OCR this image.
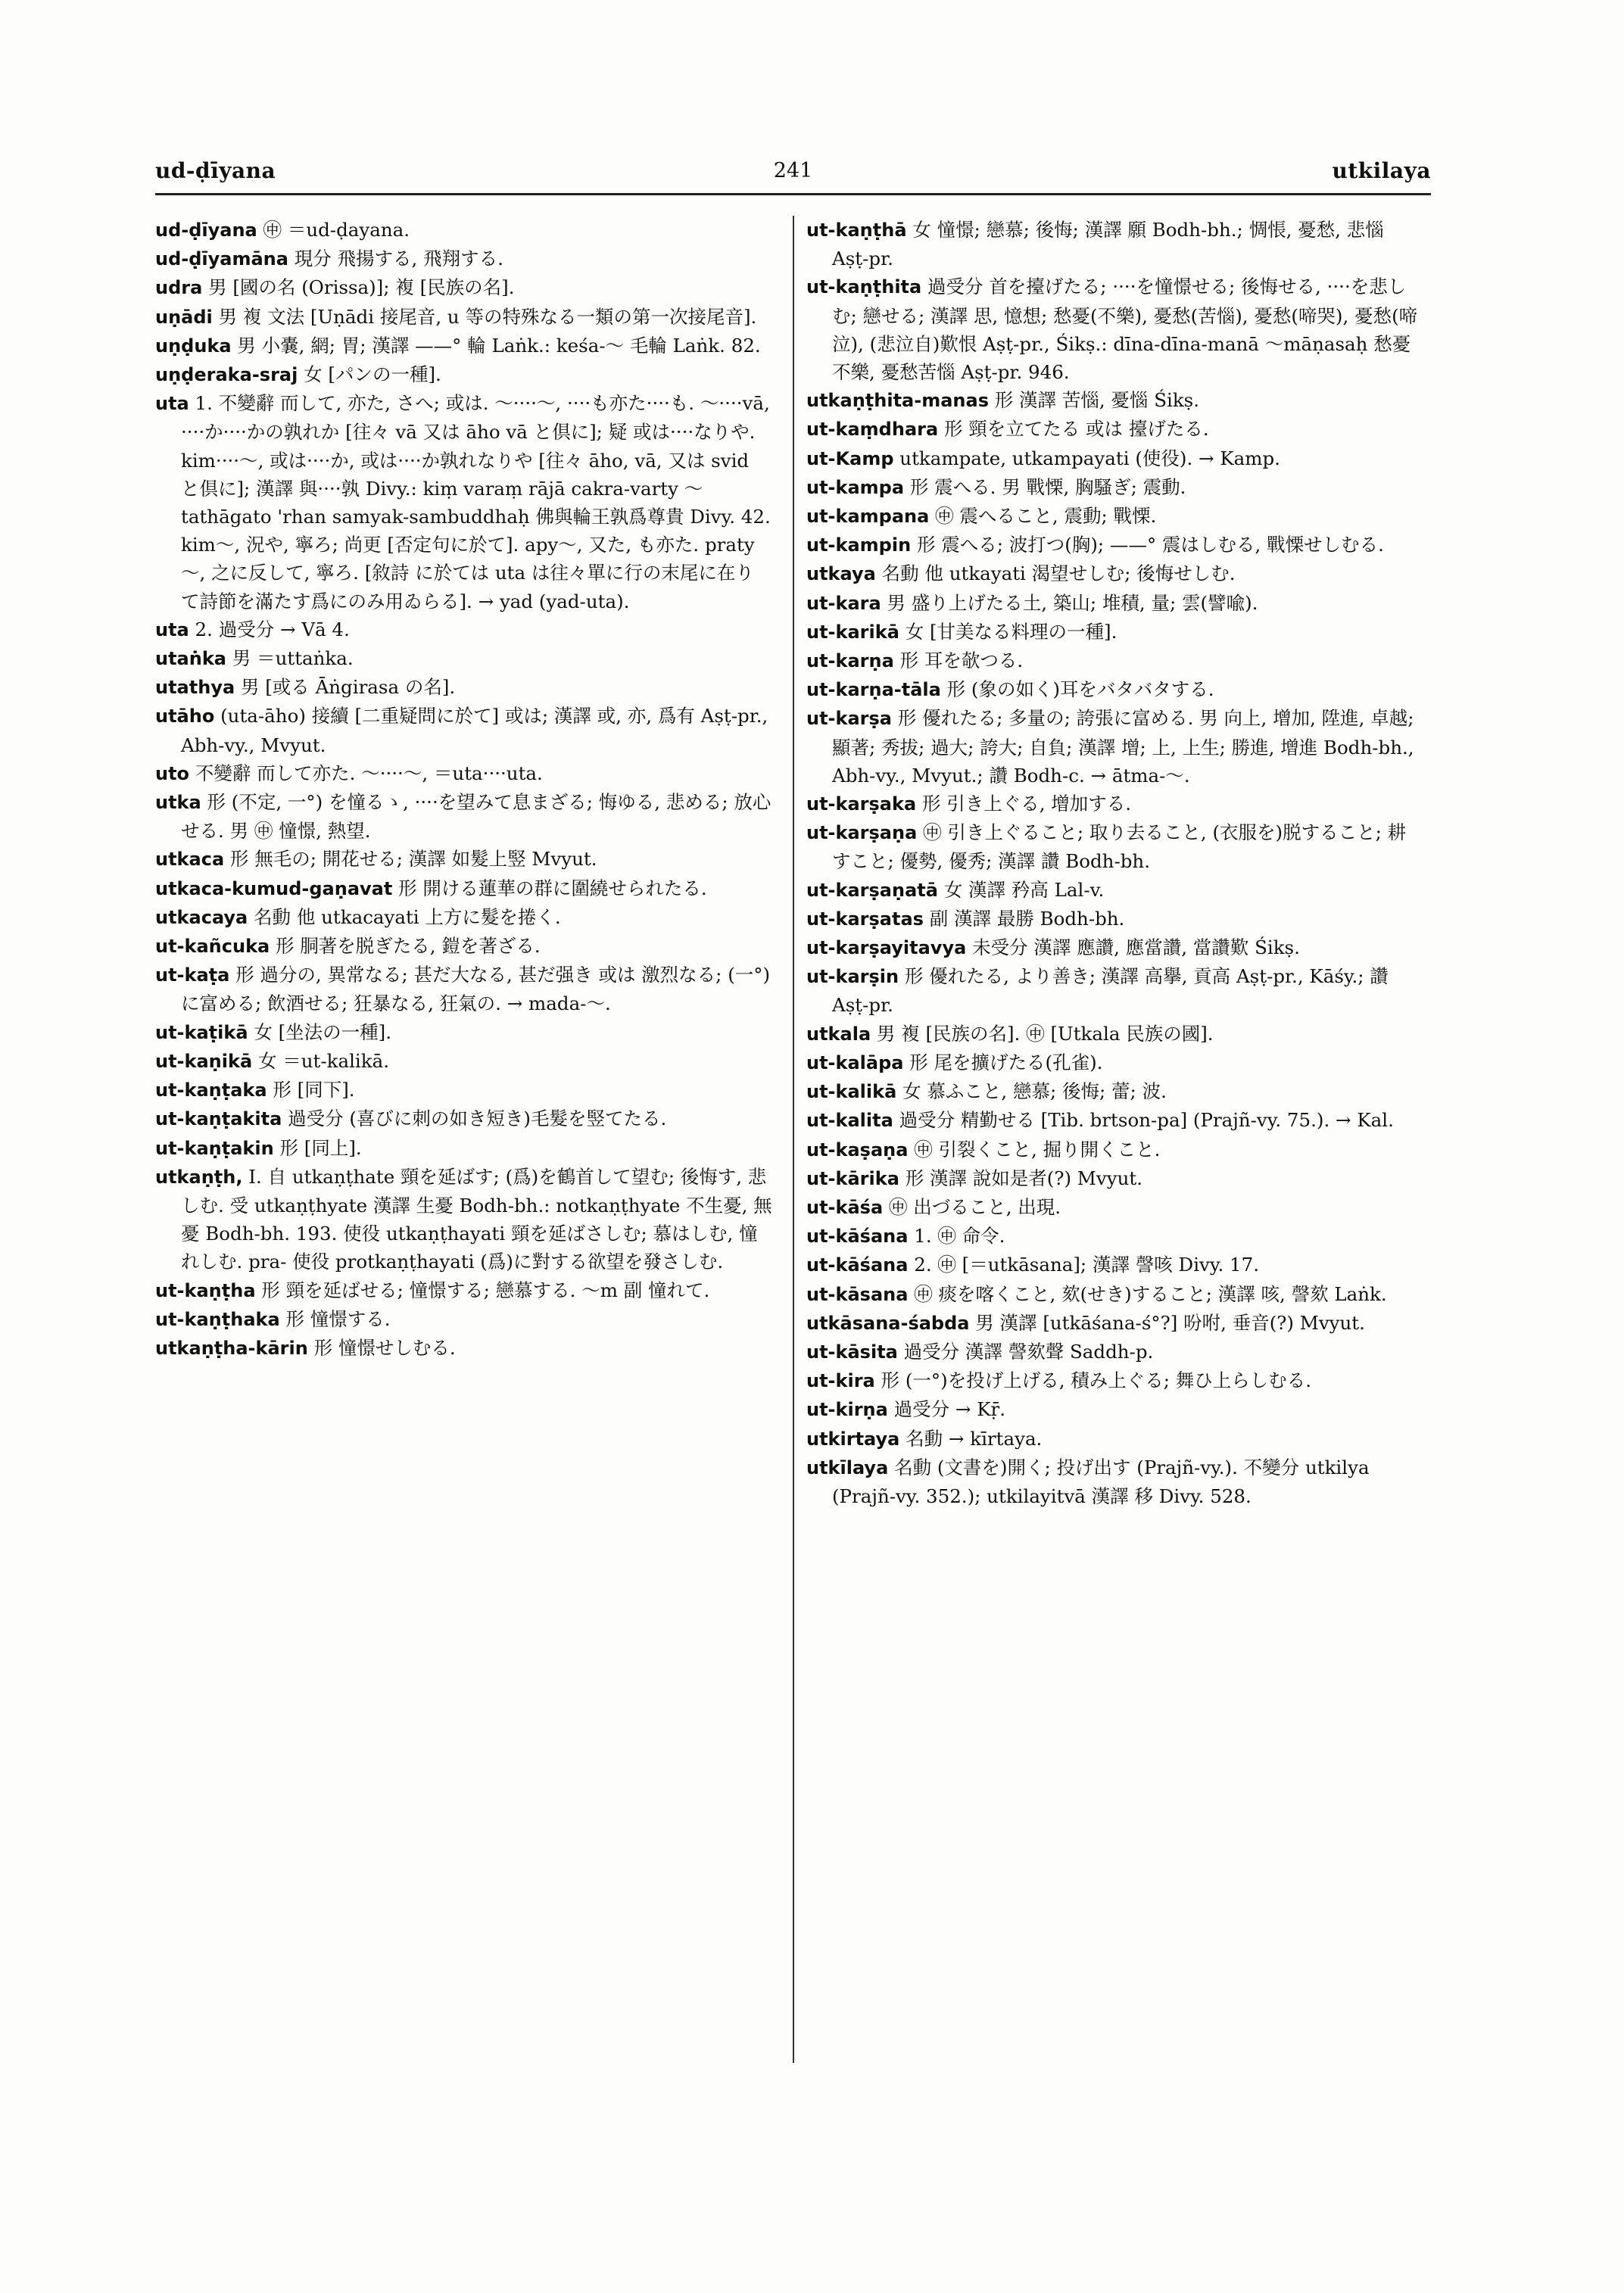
ud-ḍīyana	241	utkilaya

ud-ḍīyana ㊥ ＝ud-ḍayana.

ud-ḍīyamāna 現分 飛揚する, 飛翔する.

udra 男 [國の名 (Orissa)]; 複 [民族の名].

uṇādi 男 複 文法 [Uṇādi 接尾音, u 等の特殊なる一類の第一次接尾音].

uṇḍuka 男 小嚢, 網; 胃; 漢譯 ——° 輪 Laṅk.: keśa-～ 毛輪 Laṅk. 82.

uṇḍeraka-sraj 女 [パンの一種].

uta 1. 不變辭 而して, 亦た, さへ; 或は. ～····～, ····も亦た····も. ～····vā, ····か····かの孰れか [往々 vā 又は āho vā と倶に]; 疑 或は····なりや. kim····～, 或は····か, 或は····か孰れなりや [往々 āho, vā, 又は svid と倶に]; 漢譯 與····孰 Divy.: kiṃ varaṃ rājā cakra-varty ～ tathāgato 'rhan samyak-sambuddhaḥ 佛與輪王孰爲尊貴 Divy. 42. kim～, 況や, 寧ろ; 尚更 [否定句に於て]. apy～, 又た, も亦た. praty～, 之に反して, 寧ろ. [敘詩 に於ては uta は往々單に行の末尾に在りて詩節を滿たす爲にのみ用ゐらる]. → yad (yad-uta).

uta 2. 過受分 → Vā 4.

utaṅka 男 ＝uttaṅka.

utathya 男 [或る Āṅgirasa の名].

utāho (uta-āho) 接續 [二重疑問に於て] 或は; 漢譯 或, 亦, 爲有 Aṣṭ-pr., Abh-vy., Mvyut.

uto 不變辭 而して亦た. ～····～, ＝uta····uta.

utka 形 (不定, 一°) を憧るゝ, ····を望みて息まざる; 悔ゆる, 悲める; 放心せる. 男 ㊥ 憧憬, 熱望.

utkaca 形 無毛の; 開花せる; 漢譯 如髮上竪 Mvyut.

utkaca-kumud-gaṇavat 形 開ける蓮華の群に圍繞せられたる.

utkacaya 名動 他 utkacayati 上方に髮を捲く.

ut-kañcuka 形 胴著を脱ぎたる, 鎧を著ざる.

ut-kaṭa 形 過分の, 異常なる; 甚だ大なる, 甚だ强き 或は 激烈なる; (一°)に富める; 飲酒せる; 狂暴なる, 狂氣の. → mada-～.

ut-kaṭikā 女 [坐法の一種].

ut-kaṇikā 女 ＝ut-kalikā.

ut-kaṇṭaka 形 [同下].

ut-kaṇṭakita 過受分 (喜びに刺の如き短き)毛髮を竪てたる.

ut-kaṇṭakin 形 [同上].

utkaṇṭh, I. 自 utkaṇṭhate 頸を延ばす; (爲)を鶴首して望む; 後悔す, 悲しむ. 受 utkaṇṭhyate 漢譯 生憂 Bodh-bh.: notkaṇṭhyate 不生憂, 無憂 Bodh-bh. 193. 使役 utkaṇṭhayati 頸を延ばさしむ; 慕はしむ, 憧れしむ. pra- 使役 protkaṇṭhayati (爲)に對する欲望を發さしむ.

ut-kaṇṭha 形 頸を延ばせる; 憧憬する; 戀慕する. ～m 副 憧れて.

ut-kaṇṭhaka 形 憧憬する.

utkaṇṭha-kārin 形 憧憬せしむる.

ut-kaṇṭhā 女 憧憬; 戀慕; 後悔; 漢譯 願 Bodh-bh.; 惆悵, 憂愁, 悲惱 Aṣṭ-pr.

ut-kaṇṭhita 過受分 首を擡げたる; ····を憧憬せる; 後悔せる, ····を悲しむ; 戀せる; 漢譯 思, 憶想; 愁憂(不樂), 憂愁(苦惱), 憂愁(啼哭), 憂愁(啼泣), (悲泣自)歎恨 Aṣṭ-pr., Śikṣ.: dīna-dīna-manā ～māṇasaḥ 愁憂不樂, 憂愁苦惱 Aṣṭ-pr. 946.

utkaṇṭhita-manas 形 漢譯 苦惱, 憂惱 Śikṣ.

ut-kaṃdhara 形 頸を立てたる 或は 擡げたる.

ut-Kamp utkampate, utkampayati (使役). → Kamp.

ut-kampa 形 震へる. 男 戰慄, 胸騷ぎ; 震動.

ut-kampana ㊥ 震へること, 震動; 戰慄.

ut-kampin 形 震へる; 波打つ(胸); ——° 震はしむる, 戰慄せしむる.

utkaya 名動 他 utkayati 渴望せしむ; 後悔せしむ.

ut-kara 男 盛り上げたる土, 築山; 堆積, 量; 雲(譬喩).

ut-karikā 女 [甘美なる料理の一種].

ut-karṇa 形 耳を欹つる.

ut-karṇa-tāla 形 (象の如く)耳をバタバタする.

ut-karṣa 形 優れたる; 多量の; 誇張に富める. 男 向上, 增加, 陞進, 卓越; 顯著; 秀拔; 過大; 誇大; 自負; 漢譯 增; 上, 上生; 勝進, 增進 Bodh-bh., Abh-vy., Mvyut.; 讚 Bodh-c. → ātma-～.

ut-karṣaka 形 引き上ぐる, 增加する.

ut-karṣaṇa ㊥ 引き上ぐること; 取り去ること, (衣服を)脱すること; 耕すこと; 優勢, 優秀; 漢譯 讚 Bodh-bh.

ut-karṣaṇatā 女 漢譯 矜高 Lal-v.

ut-karṣatas 副 漢譯 最勝 Bodh-bh.

ut-karṣayitavya 未受分 漢譯 應讚, 應當讚, 當讚歎 Śikṣ.

ut-karṣin 形 優れたる, より善き; 漢譯 高擧, 貢高 Aṣṭ-pr., Kāśy.; 讚 Aṣṭ-pr.

utkala 男 複 [民族の名]. ㊥ [Utkala 民族の國].

ut-kalāpa 形 尾を擴げたる(孔雀).

ut-kalikā 女 慕ふこと, 戀慕; 後悔; 蕾; 波.

ut-kalita 過受分 精勤せる [Tib. brtson-pa] (Prajñ-vy. 75.). → Kal.

ut-kaṣaṇa ㊥ 引裂くこと, 掘り開くこと.

ut-kārika 形 漢譯 說如是者(?) Mvyut.

ut-kāśa ㊥ 出づること, 出現.

ut-kāśana 1. ㊥ 命令.

ut-kāśana 2. ㊥ [＝utkāsana]; 漢譯 謦咳 Divy. 17.

ut-kāsana ㊥ 痰を喀くこと, 欬(せき)すること; 漢譯 咳, 謦欬 Laṅk.

utkāsana-śabda 男 漢譯 [utkāśana-ś°?] 吩咐, 垂音(?) Mvyut.

ut-kāsita 過受分 漢譯 謦欬聲 Saddh-p.

ut-kira 形 (一°)を投げ上げる, 積み上ぐる; 舞ひ上らしむる.

ut-kirṇa 過受分 → Kṝ.

utkirtaya 名動 → kīrtaya.

utkīlaya 名動 (文書を)開く; 投げ出す (Prajñ-vy.). 不變分 utkilya (Prajñ-vy. 352.); utkilayitvā 漢譯 移 Divy. 528.
